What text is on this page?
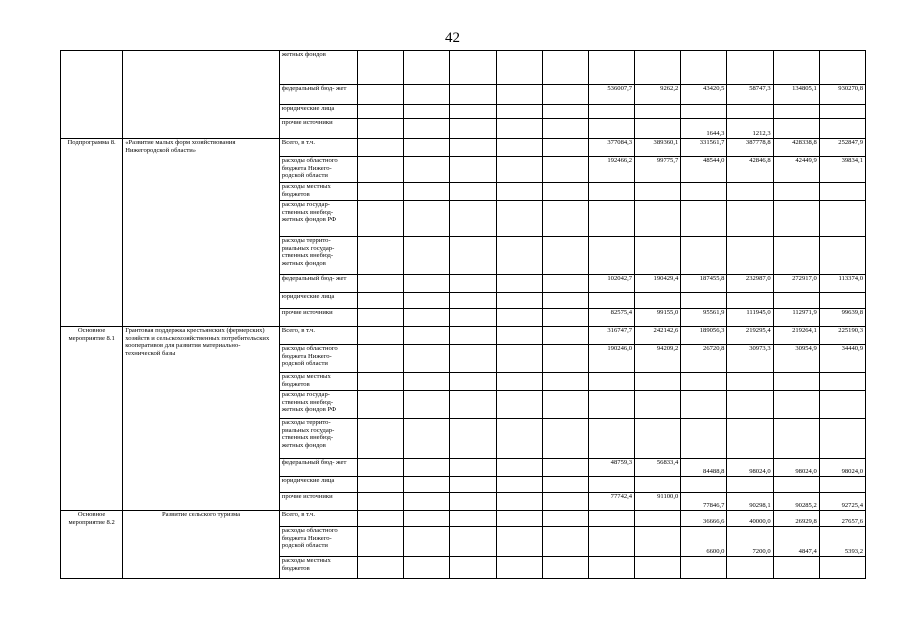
42
		жетных фондов											
		федеральный бюд- жет						536007,7	9262,2	43420,5	58747,3	134805,1	930270,8
		юридические лица											
		прочие источники								1644,3	1212,3		
Подпрограмма 8.	«Развитие малых форм хозяйствования Нижегородской области»	Всего, в т.ч.						377084,3	389360,1	331561,7	387778,8	428338,8	252847,9
		расходы областного бюджета Нижего- родской области						192466,2	99775,7	48544,0	42846,8	42449,9	39834,1
		расходы местных бюджетов											
		расходы государ- ственных внебюд- жетных фондов РФ											
		расходы террито- риальных государ- ственных внебюд- жетных фондов											
		федеральный бюд- жет						102042,7	190429,4	187455,8	232987,0	272917,0	113374,0
		юридические лица											
		прочие источники						82575,4	99155,0	95561,9	111945,0	112971,9	99639,8
Основное мероприятие 8.1	Грантовая поддержка крестьянских (фермерских) хозяйств и сельскохозяйственных потребительских кооперативов для развития материально- технической базы	Всего, в т.ч.						316747,7	242142,6	189056,3	219295,4	219264,1	225190,3
		расходы областного бюджета Нижего- родской области						190246,0	94209,2	26720,8	30973,3	30954,9	34440,9
		расходы местных бюджетов											
		расходы государ- ственных внебюд- жетных фондов РФ											
		расходы террито- риальных государ- ственных внебюд- жетных фондов											
		федеральный бюд- жет						48759,3	56833,4	84488,8	98024,0	98024,0	98024,0
		юридические лица											
		прочие источники						77742,4	91100,0	77846,7	90298,1	90285,2	92725,4
Основное мероприятие 8.2	Развитие сельского туризма	Всего, в т.ч.								36666,6	40000,0	26929,8	27657,6
		расходы областного бюджета Нижего- родской области								6600,0	7200,0	4847,4	5393,2
		расходы местных бюджетов											
